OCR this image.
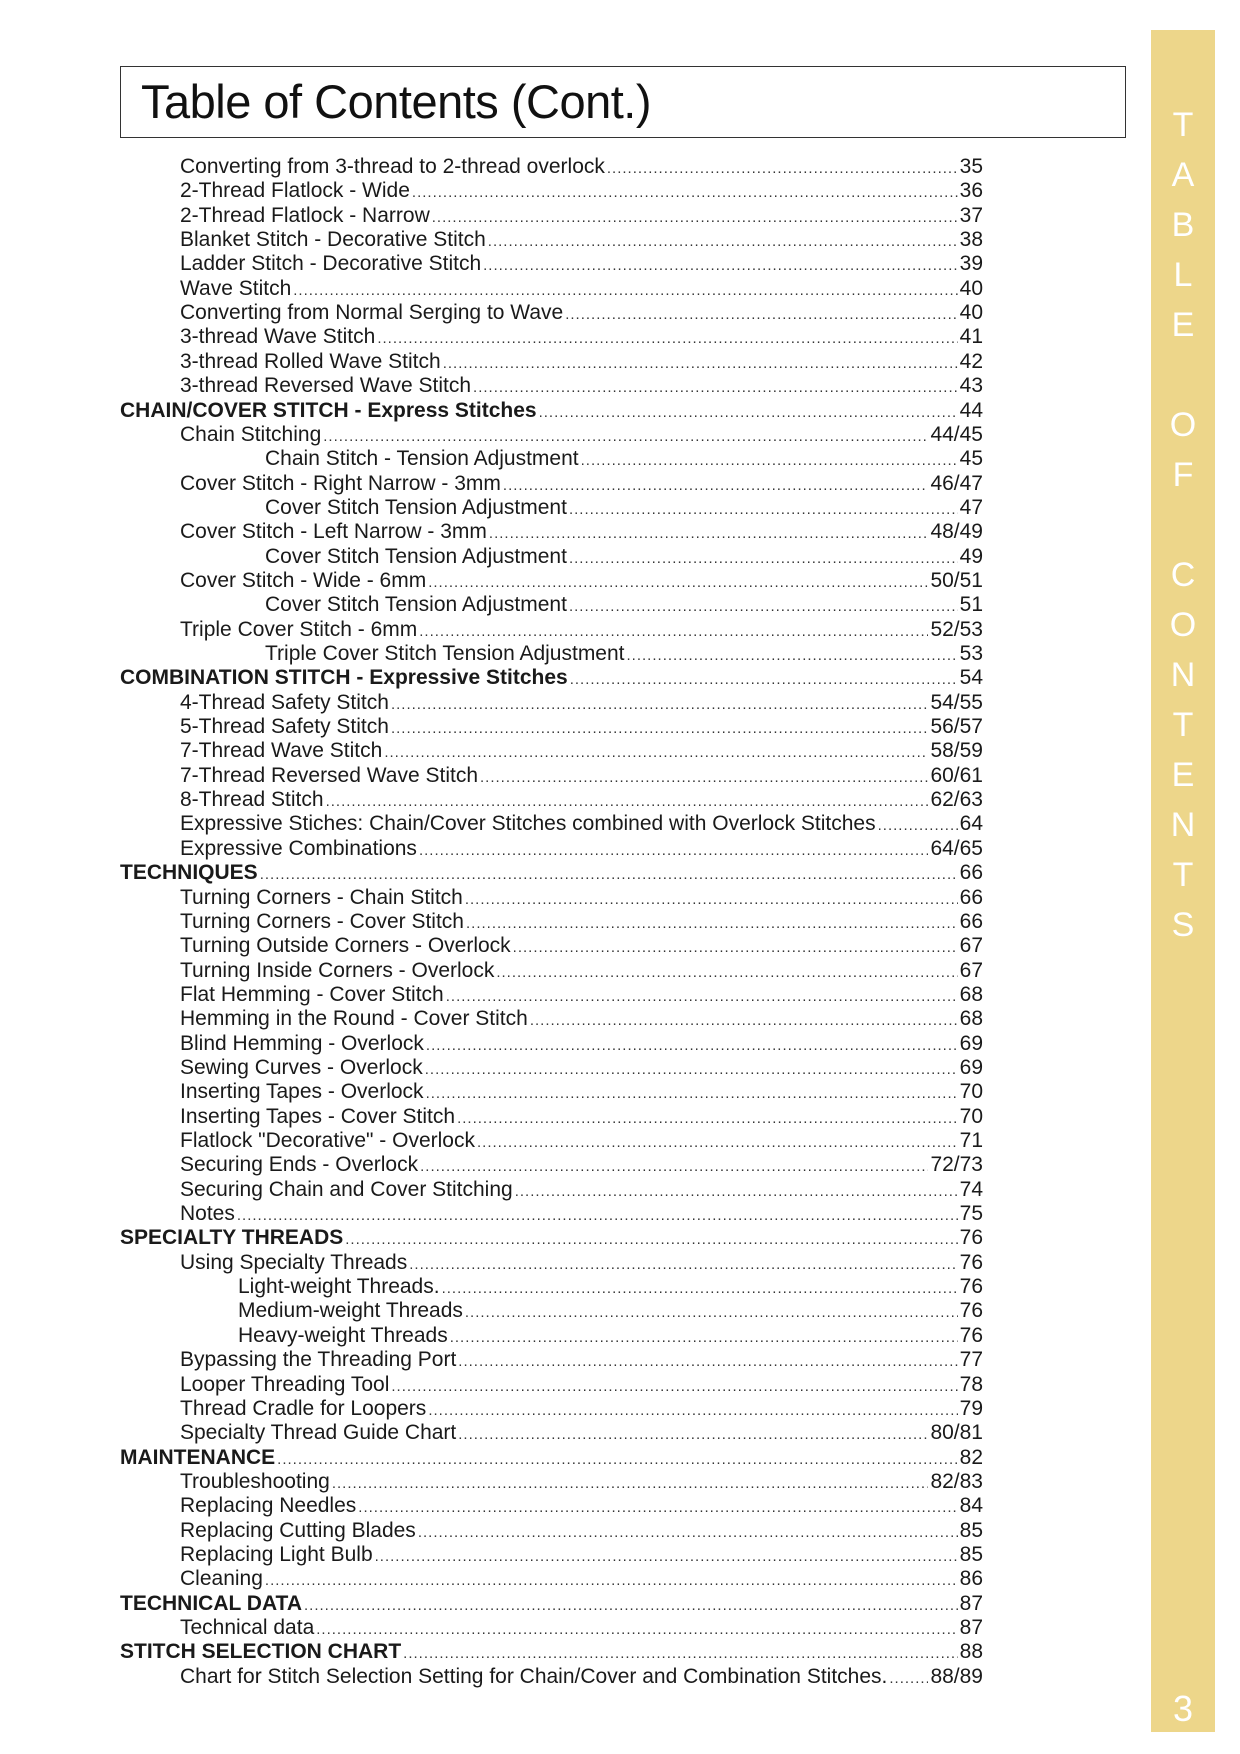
Table of Contents (Cont.)
3
T
A
B
L
E
O
F
C
O
N
T
E
N
T
S
Converting from 3-thread to 2-thread overlock .....	35
2-Thread Flatlock - Wide .....	36
2-Thread Flatlock - Narrow .....	37
Blanket Stitch - Decorative Stitch .....	38
Ladder Stitch - Decorative Stitch .....	39
Wave Stitch .....	40
Converting from Normal Serging to Wave .....	40
3-thread Wave Stitch .....	41
3-thread Rolled Wave Stitch .....	42
3-thread Reversed Wave Stitch .....	43
CHAIN/COVER STITCH - Express Stitches .....	44
Chain Stitching .....	44/45
Chain Stitch - Tension Adjustment .....	45
Cover Stitch - Right Narrow - 3mm .....	46/47
Cover Stitch Tension Adjustment .....	47
Cover Stitch - Left Narrow - 3mm .....	48/49
Cover Stitch Tension Adjustment .....	49
Cover Stitch - Wide - 6mm .....	50/51
Cover Stitch Tension Adjustment .....	51
Triple Cover Stitch - 6mm .....	52/53
Triple Cover Stitch Tension Adjustment .....	53
COMBINATION STITCH - Expressive Stitches .....	54
4-Thread Safety Stitch .....	54/55
5-Thread Safety Stitch .....	56/57
7-Thread Wave Stitch .....	58/59
7-Thread Reversed Wave Stitch .....	60/61
8-Thread Stitch .....	62/63
Expressive Stiches: Chain/Cover Stitches combined with Overlock Stitches .....	64
Expressive Combinations .....	64/65
TECHNIQUES .....	66
Turning Corners - Chain Stitch .....	66
Turning Corners - Cover Stitch .....	66
Turning Outside Corners - Overlock .....	67
Turning Inside Corners - Overlock .....	67
Flat Hemming - Cover Stitch .....	68
Hemming in the Round - Cover Stitch .....	68
Blind Hemming - Overlock .....	69
Sewing Curves - Overlock .....	69
Inserting Tapes - Overlock .....	70
Inserting Tapes - Cover Stitch .....	70
Flatlock "Decorative" - Overlock .....	71
Securing Ends - Overlock .....	72/73
Securing Chain and Cover Stitching .....	74
Notes .....	75
SPECIALTY THREADS .....	76
Using Specialty Threads .....	76
Light-weight Threads. .....	76
Medium-weight Threads .....	76
Heavy-weight Threads .....	76
Bypassing the Threading Port .....	77
Looper Threading Tool .....	78
Thread Cradle for Loopers .....	79
Specialty Thread Guide Chart .....	80/81
MAINTENANCE .....	82
Troubleshooting .....	82/83
Replacing Needles .....	84
Replacing Cutting Blades .....	85
Replacing Light Bulb .....	85
Cleaning .....	86
TECHNICAL DATA .....	87
Technical data .....	87
STITCH SELECTION CHART .....	88
Chart for Stitch Selection Setting for Chain/Cover and Combination Stitches. ..... 88/89
